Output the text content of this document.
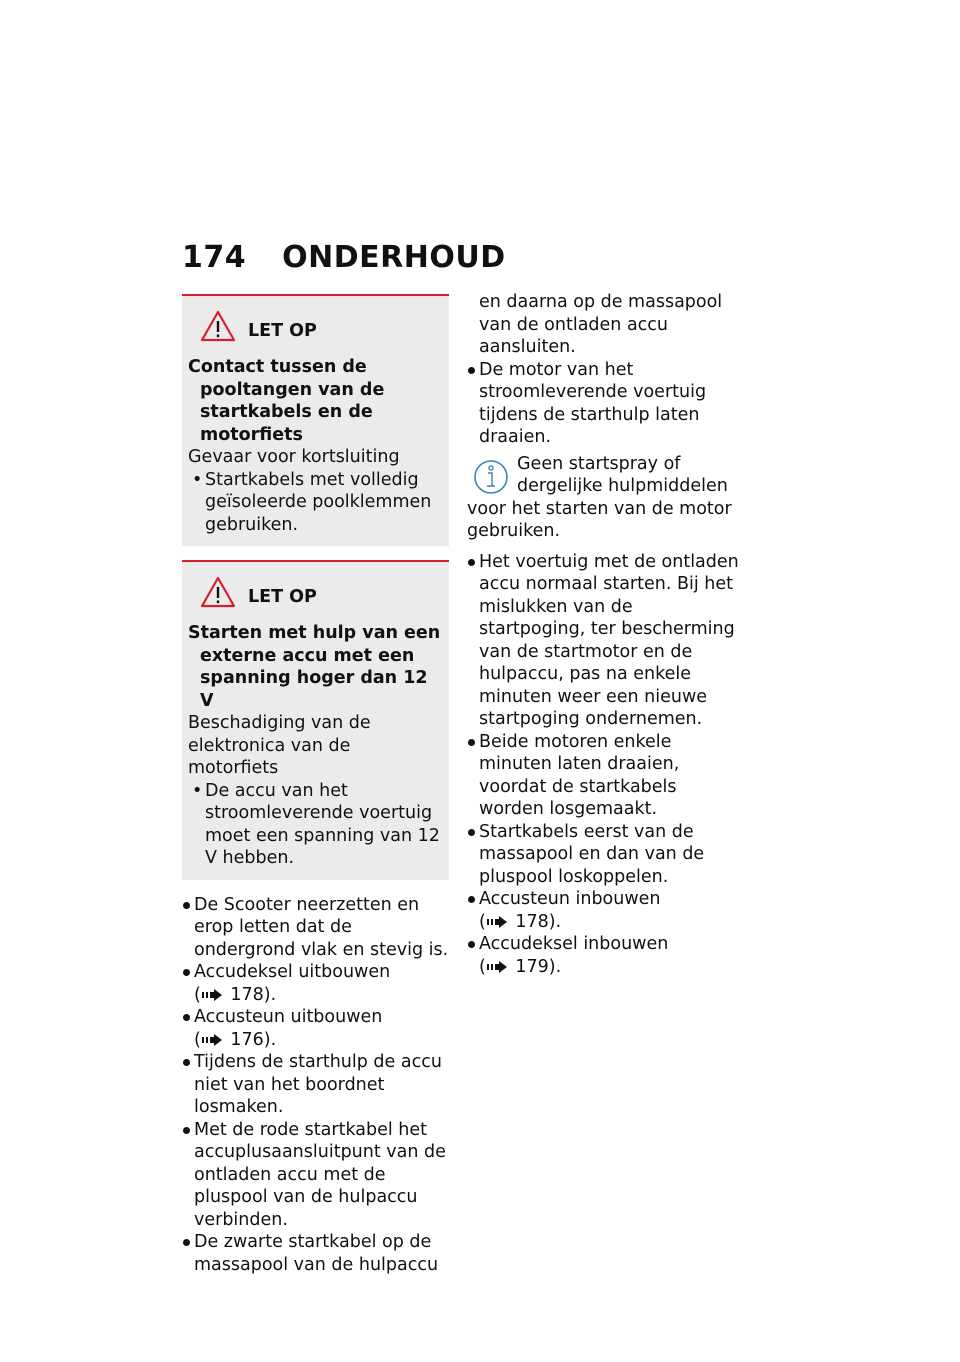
174 ONDERHOUD
LET OP
Contact tussen de pooltangen van de startkabels en de motorfiets
Gevaar voor kortsluiting
• Startkabels met volledig geïsoleerde poolklemmen gebruiken.
LET OP
Starten met hulp van een externe accu met een spanning hoger dan 12 V
Beschadiging van de elektronica van de motorfiets
• De accu van het stroomleverende voertuig moet een spanning van 12 V hebben.
De Scooter neerzetten en erop letten dat de ondergrond vlak en stevig is.
Accudeksel uitbouwen
( 178).
Accusteun uitbouwen
( 176).
Tijdens de starthulp de accu niet van het boordnet losmaken.
Met de rode startkabel het accuplusaansluitpunt van de ontladen accu met de pluspool van de hulpaccu verbinden.
De zwarte startkabel op de massapool van de hulpaccu
en daarna op de massapool van de ontladen accu aansluiten.
De motor van het stroomleverende voertuig tijdens de starthulp laten draaien.
Geen startspray of dergelijke hulpmiddelen voor het starten van de motor gebruiken.
Het voertuig met de ontladen accu normaal starten. Bij het mislukken van de startpoging, ter bescherming van de startmotor en de hulpaccu, pas na enkele minuten weer een nieuwe startpoging ondernemen.
Beide motoren enkele minuten laten draaien, voordat de startkabels worden losgemaakt.
Startkabels eerst van de massapool en dan van de pluspool loskoppelen.
Accusteun inbouwen
( 178).
Accudeksel inbouwen
( 179).
